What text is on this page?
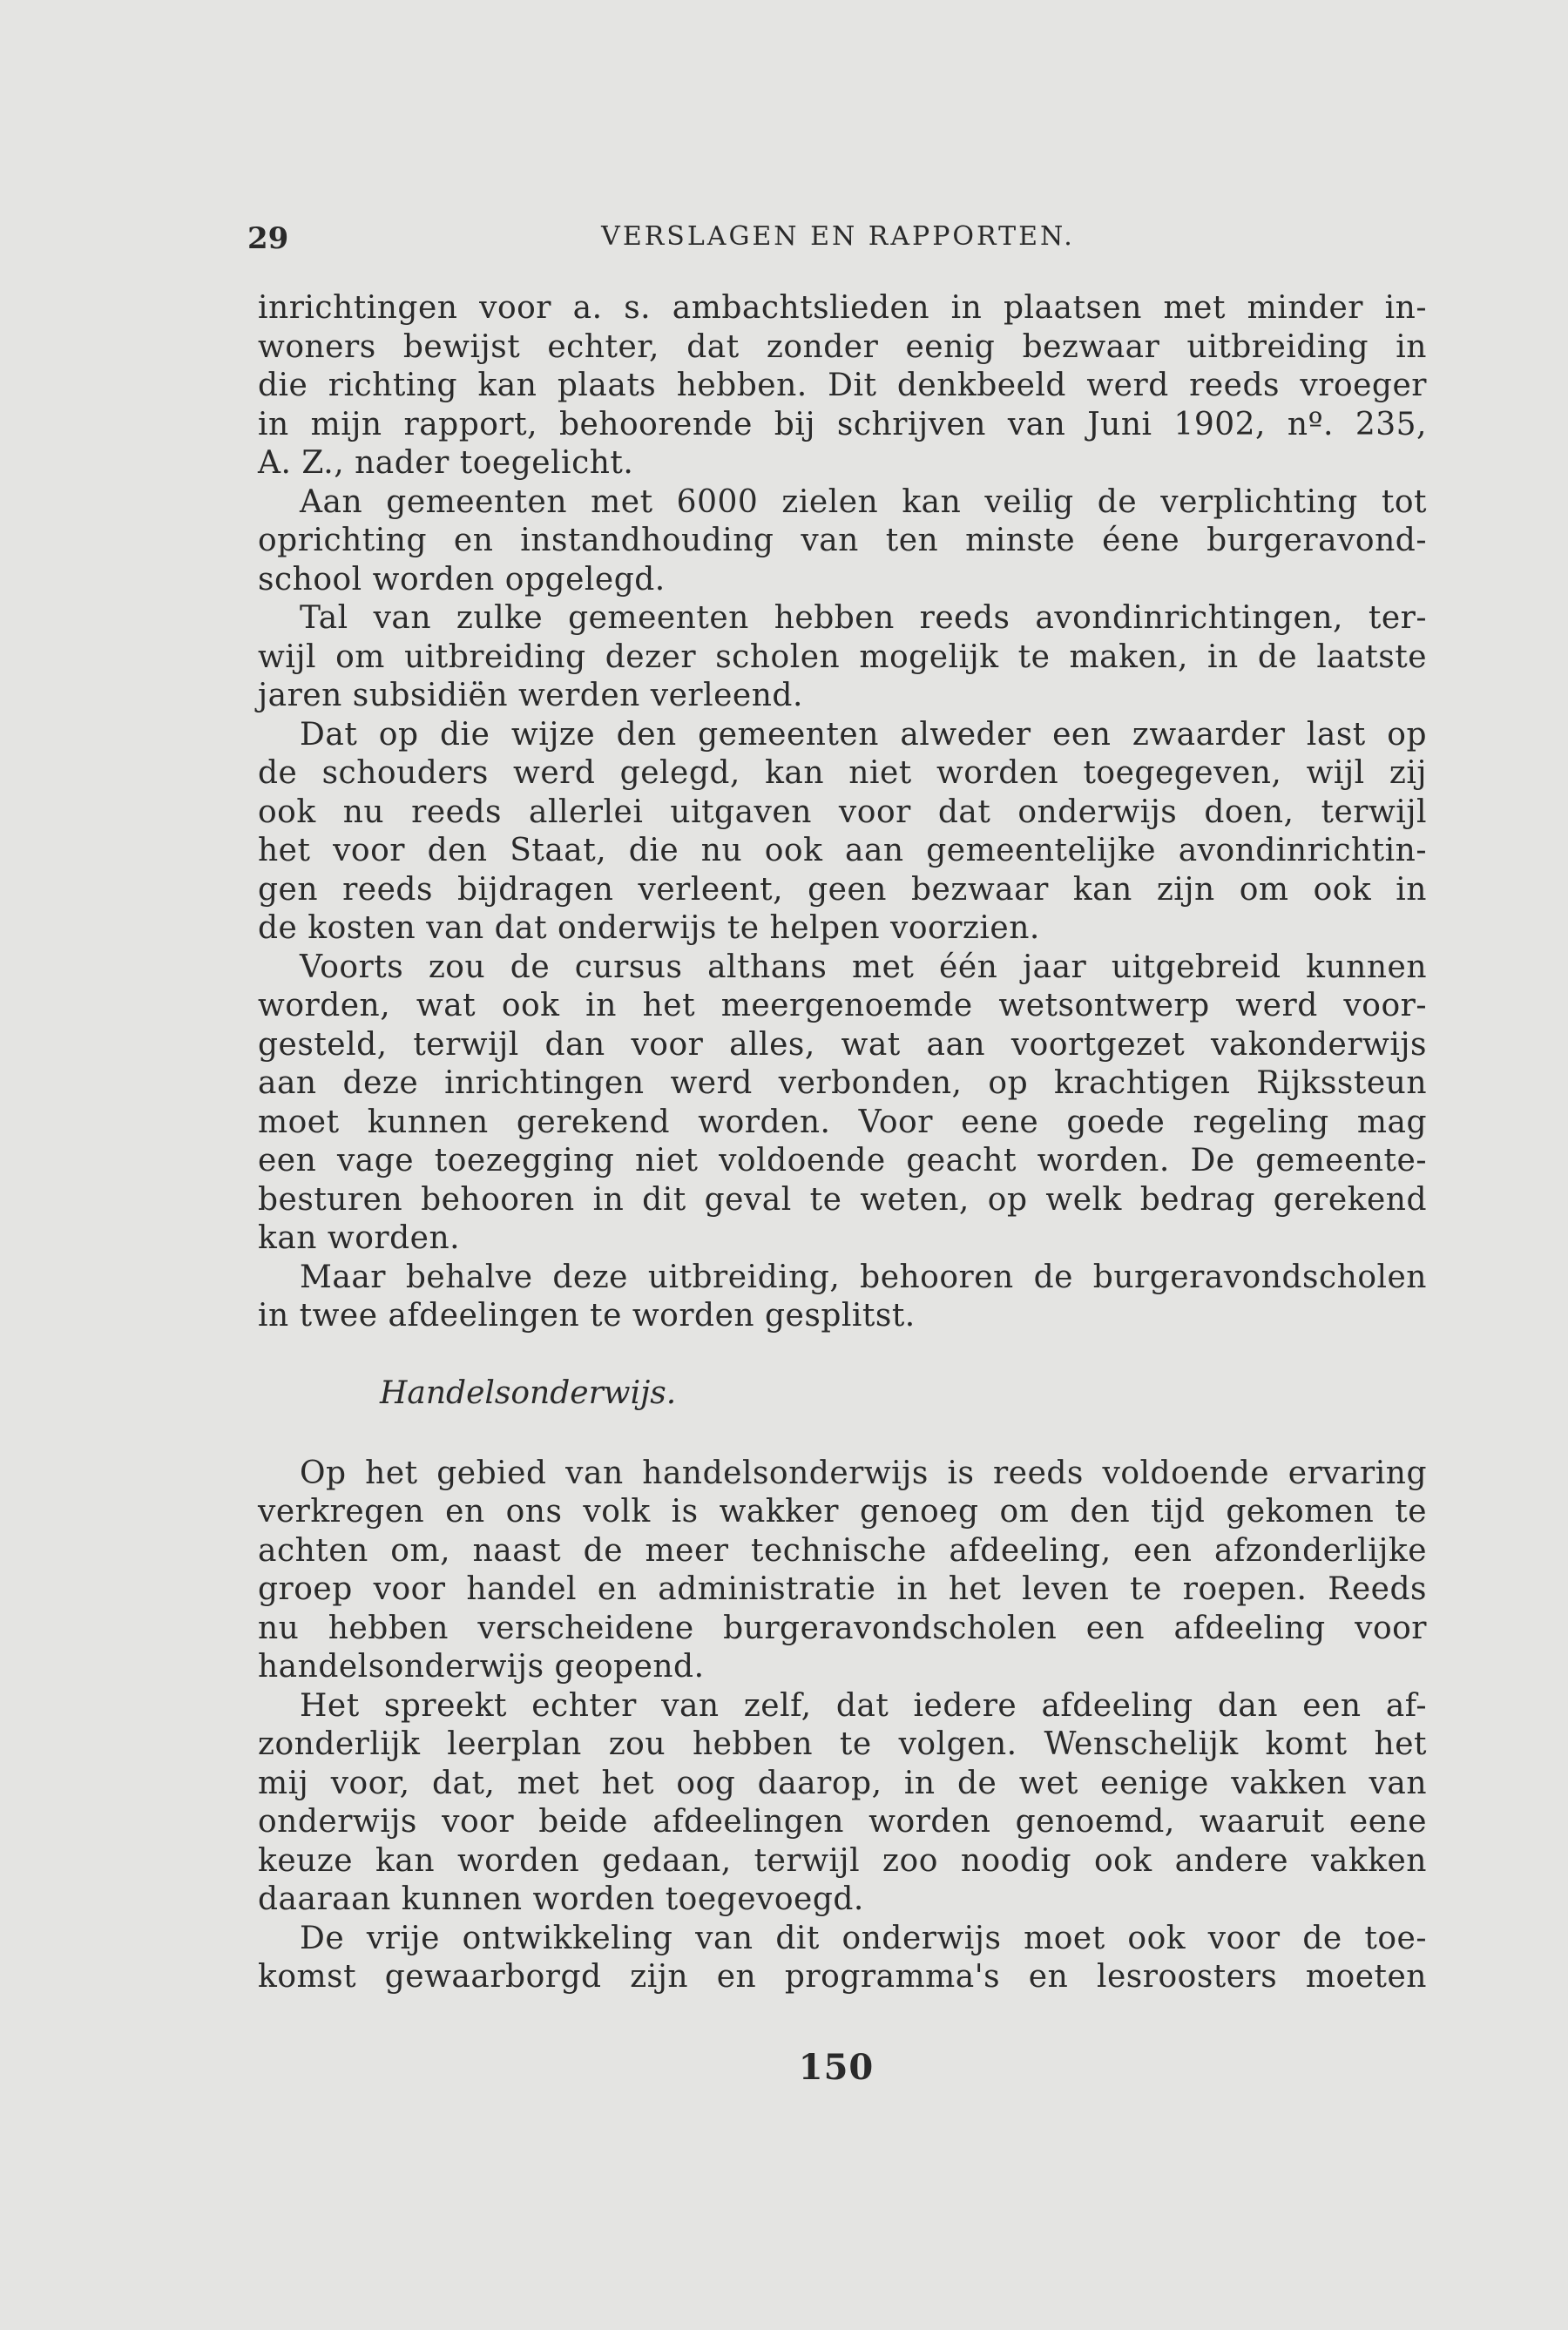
29	VERSLAGEN EN RAPPORTEN.
inrichtingen voor a. s. ambachtslieden in plaatsen met minder in-
woners bewijst echter, dat zonder eenig bezwaar uitbreiding in
die richting kan plaats hebben. Dit denkbeeld werd reeds vroeger
in mijn rapport, behoorende bij schrijven van Juni 1902, nº. 235,
A. Z., nader toegelicht.
Aan gemeenten met 6000 zielen kan veilig de verplichting tot
oprichting en instandhouding van ten minste éene burgeravond-
school worden opgelegd.
Tal van zulke gemeenten hebben reeds avondinrichtingen, ter-
wijl om uitbreiding dezer scholen mogelijk te maken, in de laatste
jaren subsidiën werden verleend.
Dat op die wijze den gemeenten alweder een zwaarder last op
de schouders werd gelegd, kan niet worden toegegeven, wijl zij
ook nu reeds allerlei uitgaven voor dat onderwijs doen, terwijl
het voor den Staat, die nu ook aan gemeentelijke avondinrichtin-
gen reeds bijdragen verleent, geen bezwaar kan zijn om ook in
de kosten van dat onderwijs te helpen voorzien.
Voorts zou de cursus althans met één jaar uitgebreid kunnen
worden, wat ook in het meergenoemde wetsontwerp werd voor-
gesteld, terwijl dan voor alles, wat aan voortgezet vakonderwijs
aan deze inrichtingen werd verbonden, op krachtigen Rijkssteun
moet kunnen gerekend worden. Voor eene goede regeling mag
een vage toezegging niet voldoende geacht worden. De gemeente-
besturen behooren in dit geval te weten, op welk bedrag gerekend
kan worden.
Maar behalve deze uitbreiding, behooren de burgeravondscholen
in twee afdeelingen te worden gesplitst.
Handelsonderwijs.
Op het gebied van handelsonderwijs is reeds voldoende ervaring
verkregen en ons volk is wakker genoeg om den tijd gekomen te
achten om, naast de meer technische afdeeling, een afzonderlijke
groep voor handel en administratie in het leven te roepen. Reeds
nu hebben verscheidene burgeravondscholen een afdeeling voor
handelsonderwijs geopend.
Het spreekt echter van zelf, dat iedere afdeeling dan een af-
zonderlijk leerplan zou hebben te volgen. Wenschelijk komt het
mij voor, dat, met het oog daarop, in de wet eenige vakken van
onderwijs voor beide afdeelingen worden genoemd, waaruit eene
keuze kan worden gedaan, terwijl zoo noodig ook andere vakken
daaraan kunnen worden toegevoegd.
De vrije ontwikkeling van dit onderwijs moet ook voor de toe-
komst gewaarborgd zijn en programma's en lesroosters moeten
150
